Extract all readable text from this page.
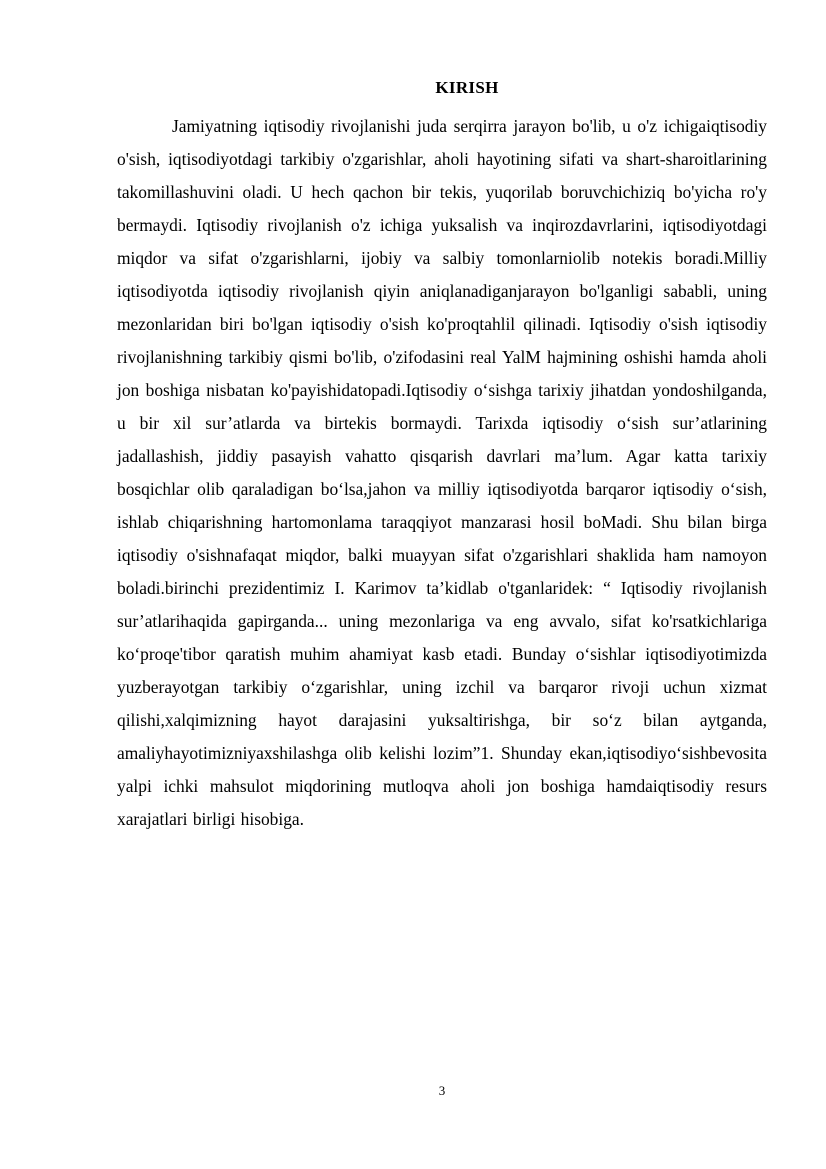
KIRISH

Jamiyatning iqtisodiy rivojlanishi juda serqirra jarayon bo'lib, u o'z ichigaiqtisodiy o'sish, iqtisodiyotdagi tarkibiy o'zgarishlar, aholi hayotining sifati va shart-sharoitlarining takomillashuvini oladi. U hech qachon bir tekis, yuqorilab boruvchichiziq bo'yicha ro'y bermaydi. Iqtisodiy rivojlanish o'z ichiga yuksalish va inqirozdavrlarini, iqtisodiyotdagi miqdor va sifat o'zgarishlarni, ijobiy va salbiy tomonlarniolib notekis boradi.Milliy iqtisodiyotda iqtisodiy rivojlanish qiyin aniqlanadiganjarayon bo'lganligi sababli, uning mezonlaridan biri bo'lgan iqtisodiy o'sish ko'proqtahlil qilinadi. Iqtisodiy o'sish iqtisodiy rivojlanishning tarkibiy qismi bo'lib, o'zifodasini real YalM hajmining oshishi hamda aholi jon boshiga nisbatan ko'payishidatopadi.Iqtisodiy o‘sishga tarixiy jihatdan yondoshilganda, u bir xil sur’atlarda va birtekis bormaydi. Tarixda iqtisodiy o‘sish sur’atlarining jadallashish, jiddiy pasayish vahatto qisqarish davrlari ma’lum. Agar katta tarixiy bosqichlar olib qaraladigan bo‘lsa,jahon va milliy iqtisodiyotda barqaror iqtisodiy o‘sish, ishlab chiqarishning hartomonlama taraqqiyot manzarasi hosil boMadi. Shu bilan birga iqtisodiy o'sishnafaqat miqdor, balki muayyan sifat o'zgarishlari shaklida ham namoyon boladi.birinchi prezidentimiz I. Karimov ta’kidlab o'tganlaridek: “ Iqtisodiy rivojlanish sur’atlarihaqida gapirganda... uning mezonlariga va eng avvalo, sifat ko'rsatkichlariga ko‘proqe'tibor qaratish muhim ahamiyat kasb etadi. Bunday o‘sishlar iqtisodiyotimizda yuzberayotgan tarkibiy o‘zgarishlar, uning izchil va barqaror rivoji uchun xizmat qilishi,xalqimizning hayot darajasini yuksaltirishga, bir so‘z bilan aytganda, amaliyhayotimizniyaxshilashga olib kelishi lozim”1. Shunday ekan,iqtisodiyo‘sishbevosita yalpi ichki mahsulot miqdorining mutloqva aholi jon boshiga hamdaiqtisodiy resurs xarajatlari birligi hisobiga.

3
